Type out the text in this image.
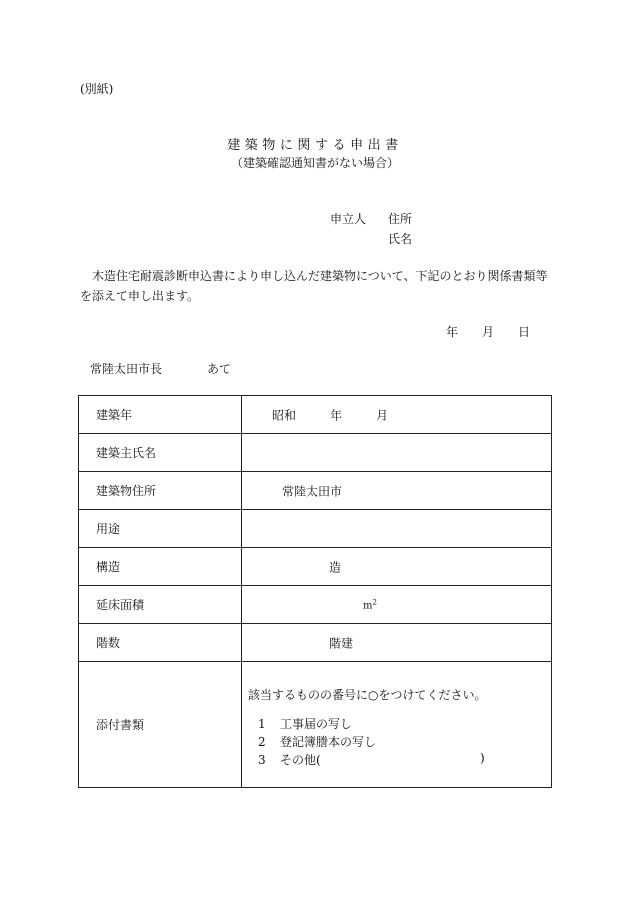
(別紙)
建築物に関する申出書
（建築確認通知書がない場合）
申立人 住所
氏名
木造住宅耐震診断申込書により申し込んだ建築物について、下記のとおり関係書類等を添えて申し出ます。
年 月 日
常陸太田市長	あて
建築年	昭和 年 月

建築主氏名	
建築物住所	常陸太田市

用途	
構造	造

延床面積	$m^2$

階数	階建

添付書類	該当するものの番号に○をつけてください。
1 工事届の写し
2 登記簿謄本の写し
3 その他( )
